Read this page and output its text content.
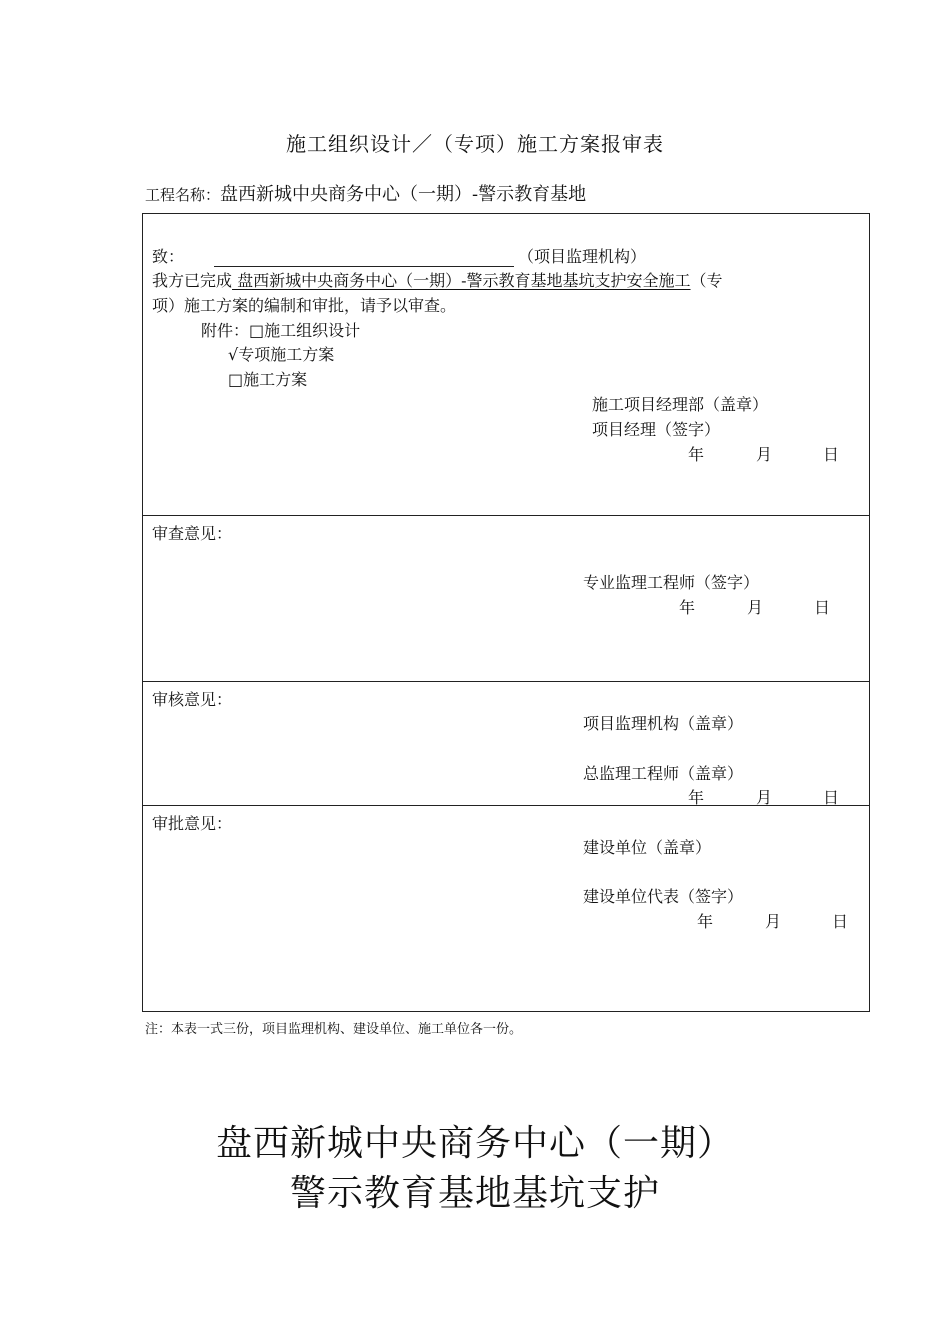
施工组织设计／（专项）施工方案报审表
工程名称：盘西新城中央商务中心（一期）-警示教育基地
致：	（项目监理机构）
我方已完成 盘西新城中央商务中心（一期）-警示教育基地基坑支护安全施工（专
项）施工方案的编制和审批，请予以审查。
附件：□施工组织设计
√专项施工方案
□施工方案
施工项目经理部（盖章）
项目经理（签字）
年	月	日
审查意见：
专业监理工程师（签字）
年	月	日
审核意见：
项目监理机构（盖章）
总监理工程师（盖章）
年	月	日
审批意见：
建设单位（盖章）
建设单位代表（签字）
年	月	日
注：本表一式三份，项目监理机构、建设单位、施工单位各一份。
盘西新城中央商务中心（一期）
警示教育基地基坑支护
